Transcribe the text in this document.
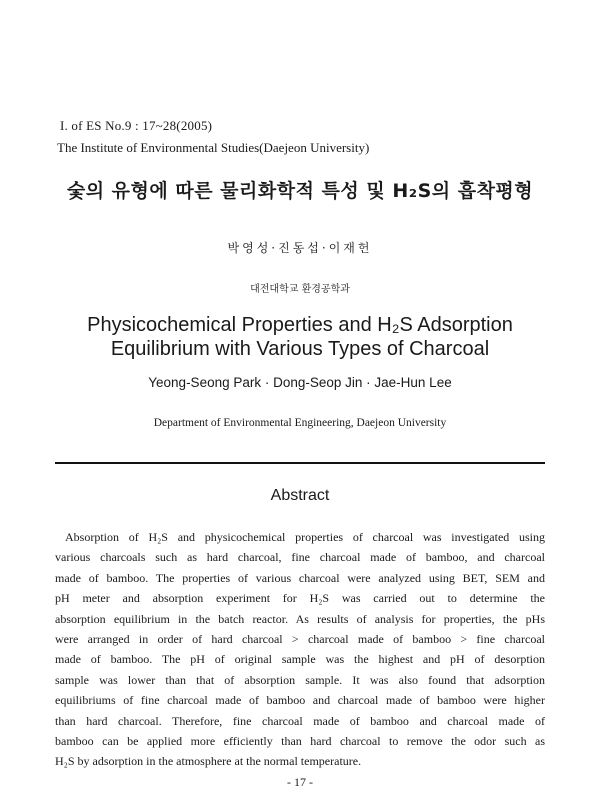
I. of ES No.9 : 17~28(2005)
The Institute of Environmental Studies(Daejeon University)
숯의 유형에 따른 물리화학적 특성 및 H₂S의 흡착평형
박영성·진동섭·이재헌
대전대학교 환경공학과
Physicochemical Properties and H₂S Adsorption
Equilibrium with Various Types of Charcoal
Yeong-Seong Park · Dong-Seop Jin · Jae-Hun Lee
Department of Environmental Engineering, Daejeon University
Abstract
Absorption of H₂S and physicochemical properties of charcoal was investigated using
various charcoals such as hard charcoal, fine charcoal made of bamboo, and charcoal
made of bamboo. The properties of various charcoal were analyzed using BET, SEM and
pH meter and absorption experiment for H₂S was carried out to determine the
absorption equilibrium in the batch reactor. As results of analysis for properties, the pHs
were arranged in order of hard charcoal > charcoal made of bamboo > fine charcoal
made of bamboo. The pH of original sample was the highest and pH of desorption
sample was lower than that of absorption sample. It was also found that adsorption
equilibriums of fine charcoal made of bamboo and charcoal made of bamboo were higher
than hard charcoal. Therefore, fine charcoal made of bamboo and charcoal made of
bamboo can be applied more efficiently than hard charcoal to remove the odor such as
H₂S by adsorption in the atmosphere at the normal temperature.
- 17 -
